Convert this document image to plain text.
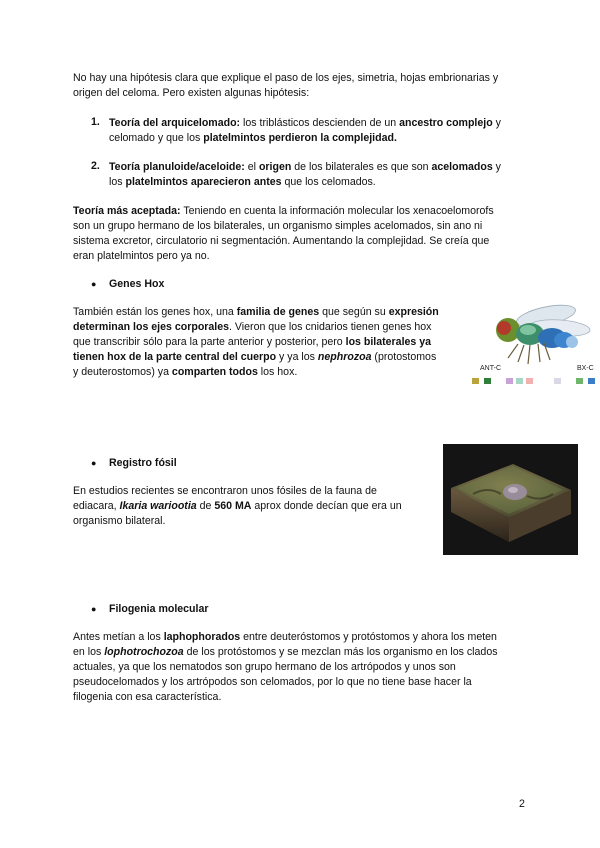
No hay una hipótesis clara que explique el paso de los ejes, simetria, hojas embrionarias y
origen del celoma. Pero existen algunas hipótesis:
1. Teoría del arquicelomado: los triblásticos descienden de un ancestro complejo y
celomado y que los platelmintos perdieron la complejidad.
2. Teoría planuloide/aceloide: el origen de los bilaterales es que son acelomados y
los platelmintos aparecieron antes que los celomados.
Teoría más aceptada: Teniendo en cuenta la información molecular los xenacoelomorofs
son un grupo hermano de los bilaterales, un organismo simples acelomados, sin ano ni
sistema excretor, circulatorio ni segmentación. Aumentando la complejidad. Se creía que
eran platelmintos pero ya no.
● Genes Hox
También están los genes hox, una familia de genes que según su expresión
determinan los ejes corporales. Vieron que los cnidarios tienen genes hox
que transcribir sólo para la parte anterior y posterior, pero los bilaterales ya
tienen hox de la parte central del cuerpo y ya los nephrozoa (protostomos
y deuterostomos) ya comparten todos los hox.	ANT-C	BX-C
● Registro fósil
En estudios recientes se encontraron unos fósiles de la fauna de
ediacara, Ikaria wariootia de 560 MA aprox donde decían que era un
organismo bilateral.
● Filogenia molecular
Antes metían a los laphophorados entre deuteróstomos y protóstomos y ahora los meten
en los lophotrochozoa de los protóstomos y se mezclan más los organismo en los clados
actuales, ya que los nematodos son grupo hermano de los artrópodos y unos son
pseudocelomados y los artrópodos son celomados, por lo que no tiene base hacer la
filogenia con esa característica.
2
